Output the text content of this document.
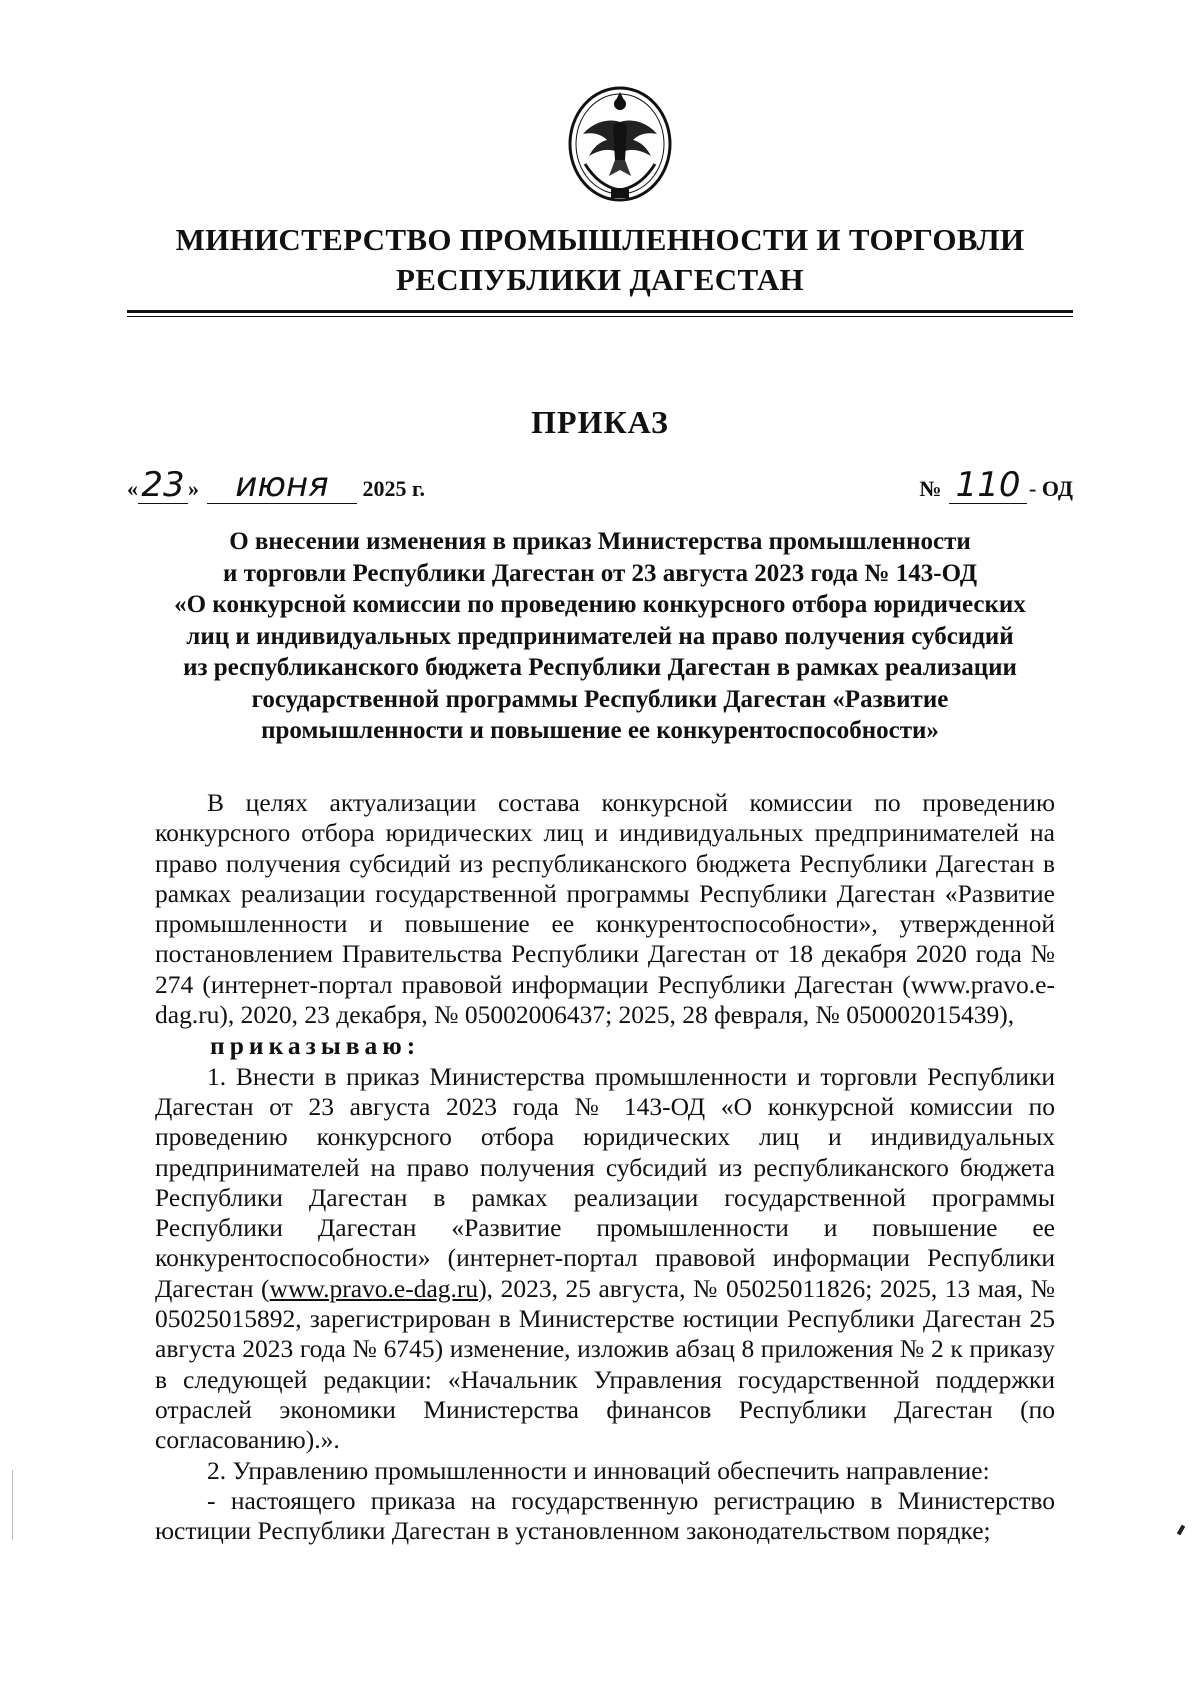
МИНИСТЕРСТВО ПРОМЫШЛЕННОСТИ И ТОРГОВЛИ
РЕСПУБЛИКИ ДАГЕСТАН
ПРИКАЗ
«23 » июня 2025 г.	№ 110 - ОД
О внесении изменения в приказ Министерства промышленности
и торговли Республики Дагестан от 23 августа 2023 года № 143-ОД
«О конкурсной комиссии по проведению конкурсного отбора юридических
лиц и индивидуальных предпринимателей на право получения субсидий
из республиканского бюджета Республики Дагестан в рамках реализации
государственной программы Республики Дагестан «Развитие
промышленности и повышение ее конкурентоспособности»

В целях актуализации состава конкурсной комиссии по проведению конкурсного отбора юридических лиц и индивидуальных предпринимателей на право получения субсидий из республиканского бюджета Республики Дагестан в рамках реализации государственной программы Республики Дагестан «Развитие промышленности и повышение ее конкурентоспособности», утвержденной постановлением Правительства Республики Дагестан от 18 декабря 2020 года № 274 (интернет-портал правовой информации Республики Дагестан (www.pravo.e-dag.ru), 2020, 23 декабря, № 05002006437; 2025, 28 февраля, № 050002015439),

приказываю:

1. Внести в приказ Министерства промышленности и торговли Республики Дагестан от 23 августа 2023 года № 143-ОД «О конкурсной комиссии по проведению конкурсного отбора юридических лиц и индивидуальных предпринимателей на право получения субсидий из республиканского бюджета Республики Дагестан в рамках реализации государственной программы Республики Дагестан «Развитие промышленности и повышение ее конкурентоспособности» (интернет-портал правовой информации Республики Дагестан (www.pravo.e-dag.ru), 2023, 25 августа, № 05025011826; 2025, 13 мая, № 05025015892, зарегистрирован в Министерстве юстиции Республики Дагестан 25 августа 2023 года № 6745) изменение, изложив абзац 8 приложения № 2 к приказу в следующей редакции: «Начальник Управления государственной поддержки отраслей экономики Министерства финансов Республики Дагестан (по согласованию).».

2. Управлению промышленности и инноваций обеспечить направление:

- настоящего приказа на государственную регистрацию в Министерство юстиции Республики Дагестан в установленном законодательством порядке;
